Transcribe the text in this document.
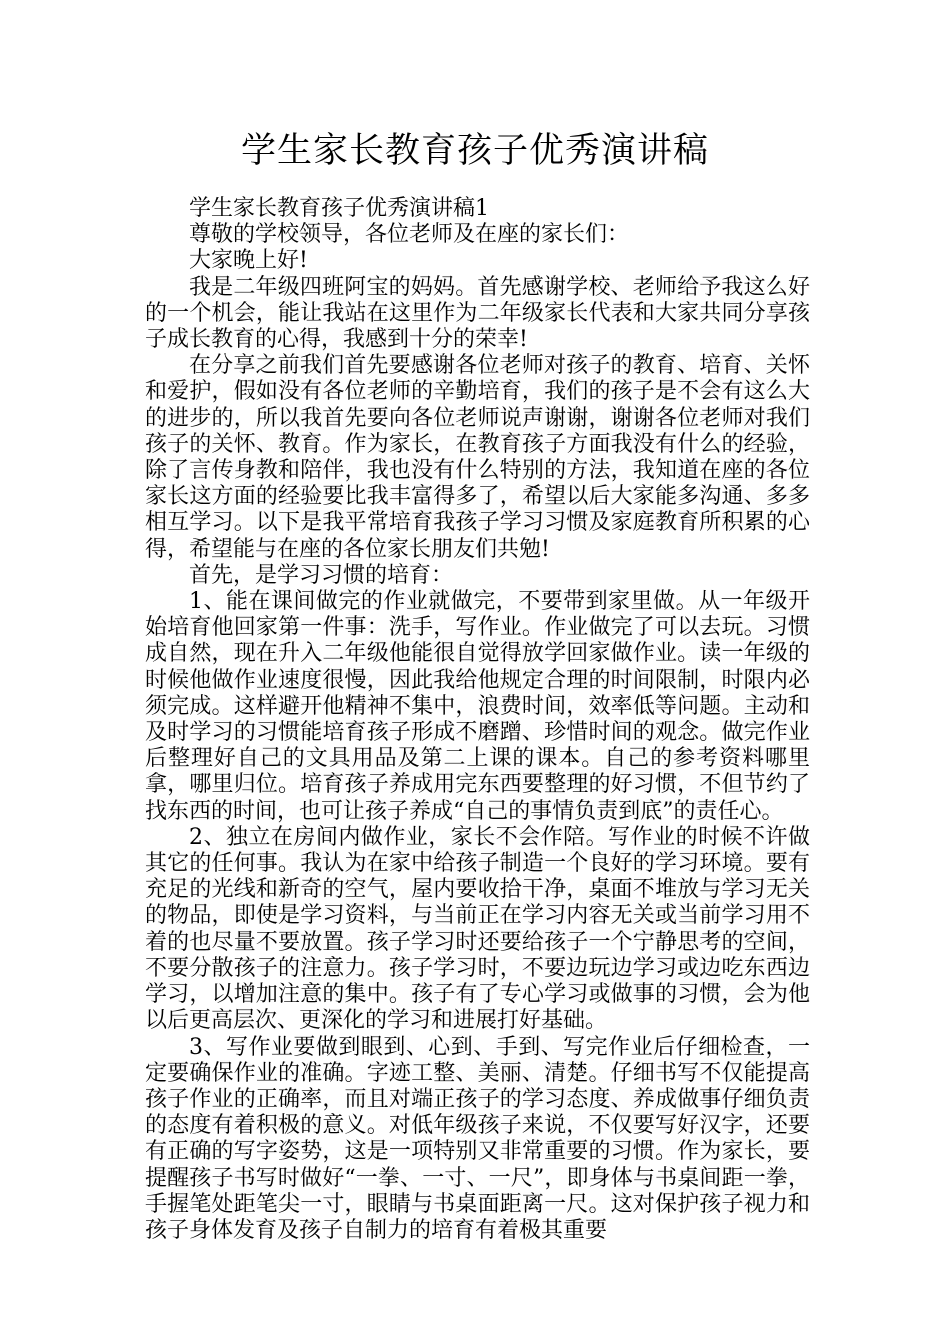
学生家长教育孩子优秀演讲稿

学生家长教育孩子优秀演讲稿1

尊敬的学校领导，各位老师及在座的家长们：

大家晚上好!

我是二年级四班阿宝的妈妈。首先感谢学校、老师给予我这么好的一个机会，能让我站在这里作为二年级家长代表和大家共同分享孩子成长教育的心得，我感到十分的荣幸!

在分享之前我们首先要感谢各位老师对孩子的教育、培育、关怀和爱护，假如没有各位老师的辛勤培育，我们的孩子是不会有这么大的进步的，所以我首先要向各位老师说声谢谢，谢谢各位老师对我们孩子的关怀、教育。作为家长，在教育孩子方面我没有什么的经验，除了言传身教和陪伴，我也没有什么特别的方法，我知道在座的各位家长这方面的经验要比我丰富得多了，希望以后大家能多沟通、多多相互学习。以下是我平常培育我孩子学习习惯及家庭教育所积累的心得，希望能与在座的各位家长朋友们共勉!

首先，是学习习惯的培育：

1、能在课间做完的作业就做完，不要带到家里做。从一年级开始培育他回家第一件事：洗手，写作业。作业做完了可以去玩。习惯成自然，现在升入二年级他能很自觉得放学回家做作业。读一年级的时候他做作业速度很慢，因此我给他规定合理的时间限制，时限内必须完成。这样避开他精神不集中，浪费时间，效率低等问题。主动和及时学习的习惯能培育孩子形成不磨蹭、珍惜时间的观念。做完作业后整理好自己的文具用品及第二上课的课本。自己的参考资料哪里拿，哪里归位。培育孩子养成用完东西要整理的好习惯，不但节约了找东西的时间，也可让孩子养成“自己的事情负责到底”的责任心。

2、独立在房间内做作业，家长不会作陪。写作业的时候不许做其它的任何事。我认为在家中给孩子制造一个良好的学习环境。要有充足的光线和新奇的空气，屋内要收拾干净，桌面不堆放与学习无关的物品，即使是学习资料，与当前正在学习内容无关或当前学习用不着的也尽量不要放置。孩子学习时还要给孩子一个宁静思考的空间，不要分散孩子的注意力。孩子学习时，不要边玩边学习或边吃东西边学习，以增加注意的集中。孩子有了专心学习或做事的习惯，会为他以后更高层次、更深化的学习和进展打好基础。

3、写作业要做到眼到、心到、手到、写完作业后仔细检查，一定要确保作业的准确。字迹工整、美丽、清楚。仔细书写不仅能提高孩子作业的正确率，而且对端正孩子的学习态度、养成做事仔细负责的态度有着积极的意义。对低年级孩子来说，不仅要写好汉字，还要有正确的写字姿势，这是一项特别又非常重要的习惯。作为家长，要提醒孩子书写时做好“一拳、一寸、一尺”，即身体与书桌间距一拳，手握笔处距笔尖一寸，眼睛与书桌面距离一尺。这对保护孩子视力和孩子身体发育及孩子自制力的培育有着极其重要
